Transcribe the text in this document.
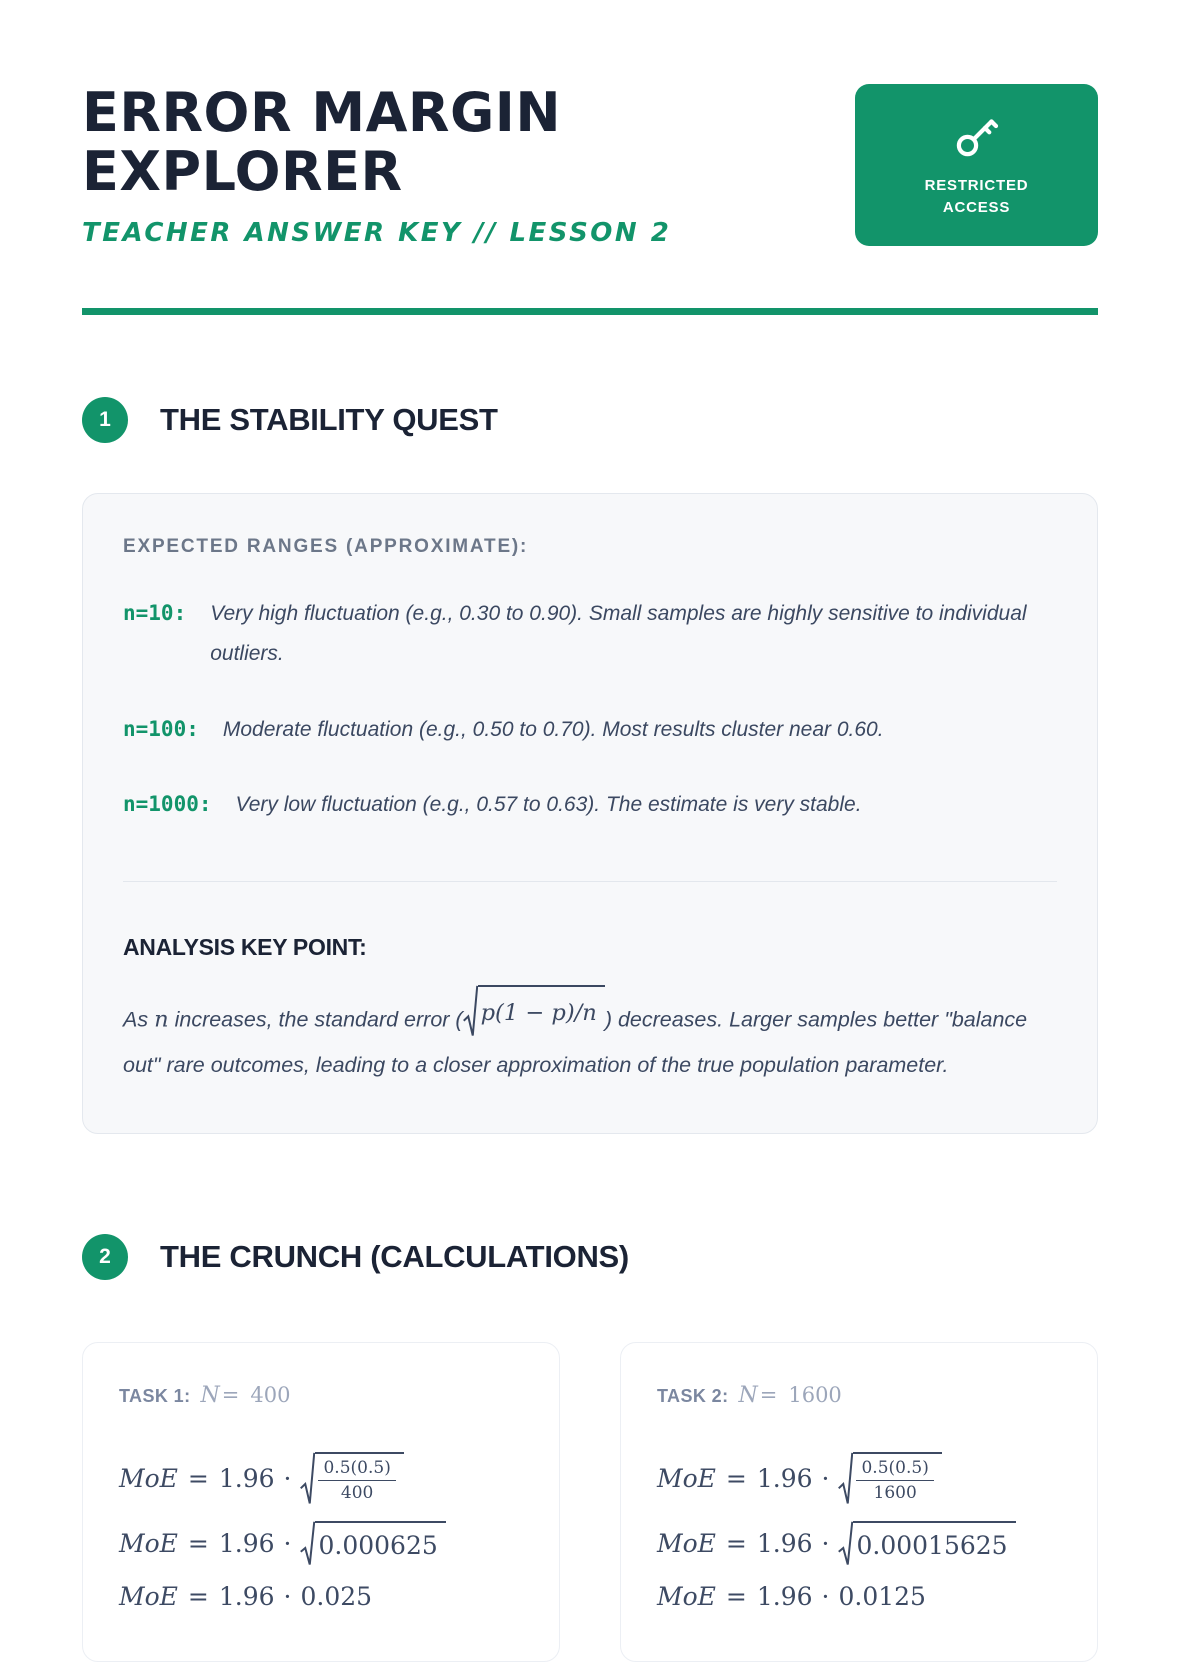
ERROR MARGIN
EXPLORER
TEACHER ANSWER KEY // LESSON 2
RESTRICTED
ACCESS
1	THE STABILITY QUEST
EXPECTED RANGES (APPROXIMATE):
n=10: Very high fluctuation (e.g., 0.30 to 0.90). Small samples are highly sensitive to individual outliers.
n=100: Moderate fluctuation (e.g., 0.50 to 0.70). Most results cluster near 0.60.
n=1000: Very low fluctuation (e.g., 0.57 to 0.63). The estimate is very stable.
ANALYSIS KEY POINT:
As n increases, the standard error ( p(1 − p)/n ) decreases. Larger samples better "balance out" rare outcomes, leading to a closer approximation of the true population parameter.
2	THE CRUNCH (CALCULATIONS)
TASK 1: N = 400
MoE = $1.96 \cdot \frac{0.5(0.5)}{400}$
MoE = 1.96 · 0.000625
MoE = 1.96 · 0.025
TASK 2: N = 1600
MoE = $1.96 \cdot \frac{0.5(0.5)}{1600}$
MoE = 1.96 · 0.00015625
MoE = 1.96 · 0.0125
